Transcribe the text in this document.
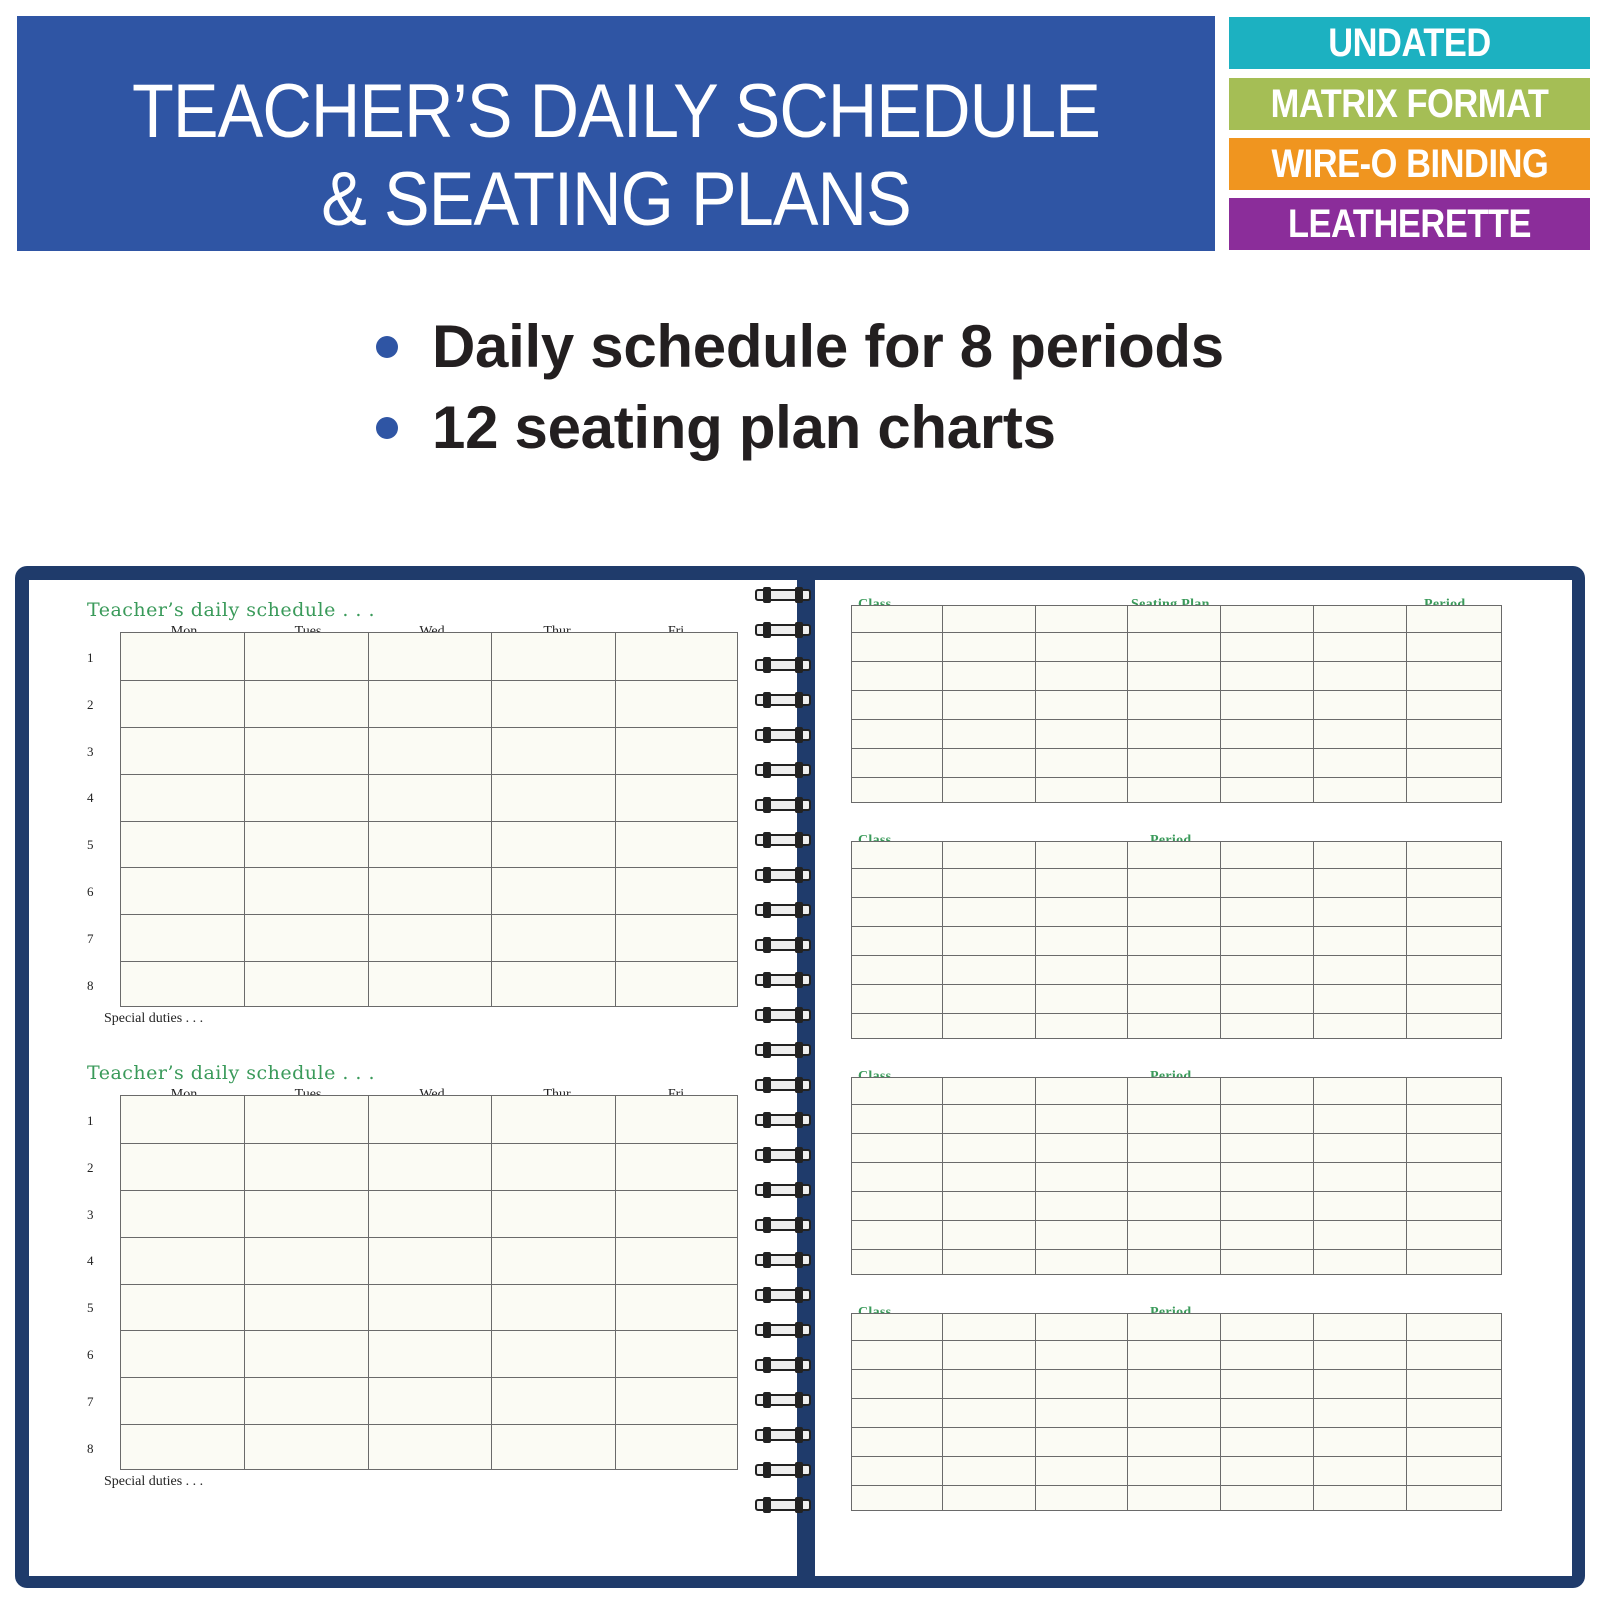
TEACHER’S DAILY SCHEDULE
& SEATING PLANS
UNDATED
MATRIX FORMAT
WIRE-O BINDING
LEATHERETTE COVER
Daily schedule for 8 periods
12 seating plan charts
Teacher’s daily schedule . . .
1
2
3
4
5
6
7
8
Special duties . . .
Teacher’s daily schedule . . .
1
2
3
4
5
6
7
8
Special duties . . .
